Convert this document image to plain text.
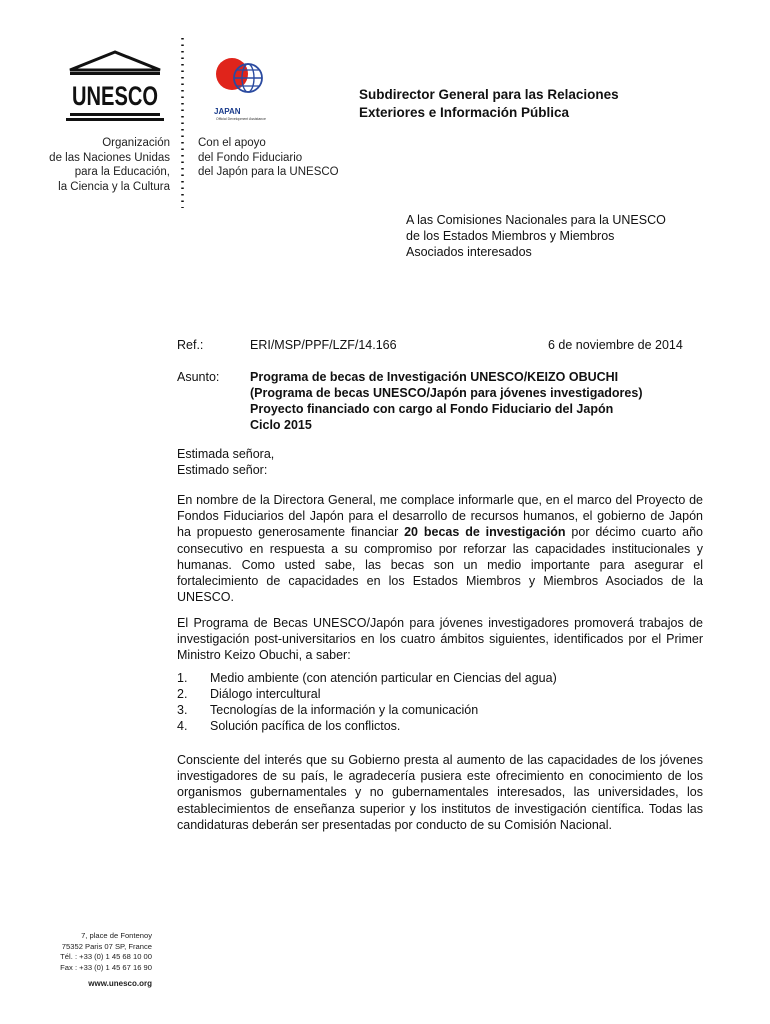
UNESCO
Organización
de las Naciones Unidas
para la Educación,
la Ciencia y la Cultura
JAPAN
Official Development Assistance
Con el apoyo
del Fondo Fiduciario
del Japón para la UNESCO
Subdirector General para las Relaciones
Exteriores e Información Pública
A las Comisiones Nacionales para la UNESCO
de los Estados Miembros y Miembros
Asociados interesados
Ref.:	ERI/MSP/PPF/LZF/14.166	6 de noviembre de 2014
Asunto: Programa de becas de Investigación UNESCO/KEIZO OBUCHI
(Programa de becas UNESCO/Japón para jóvenes investigadores)
Proyecto financiado con cargo al Fondo Fiduciario del Japón
Ciclo 2015
Estimada señora,
Estimado señor:
En nombre de la Directora General, me complace informarle que, en el marco del Proyecto de Fondos Fiduciarios del Japón para el desarrollo de recursos humanos, el gobierno de Japón ha propuesto generosamente financiar 20 becas de investigación por décimo cuarto año consecutivo en respuesta a su compromiso por reforzar las capacidades institucionales y humanas. Como usted sabe, las becas son un medio importante para asegurar el fortalecimiento de capacidades en los Estados Miembros y Miembros Asociados de la UNESCO.
El Programa de Becas UNESCO/Japón para jóvenes investigadores promoverá trabajos de investigación post-universitarios en los cuatro ámbitos siguientes, identificados por el Primer Ministro Keizo Obuchi, a saber:
1.	Medio ambiente (con atención particular en Ciencias del agua)
2.	Diálogo intercultural
3.	Tecnologías de la información y la comunicación
4.	Solución pacífica de los conflictos.
Consciente del interés que su Gobierno presta al aumento de las capacidades de los jóvenes investigadores de su país, le agradecería pusiera este ofrecimiento en conocimiento de los organismos gubernamentales y no gubernamentales interesados, las universidades, los establecimientos de enseñanza superior y los institutos de investigación científica. Todas las candidaturas deberán ser presentadas por conducto de su Comisión Nacional.
7, place de Fontenoy
75352 Paris 07 SP, France
Tél. : +33 (0) 1 45 68 10 00
Fax : +33 (0) 1 45 67 16 90
www.unesco.org
